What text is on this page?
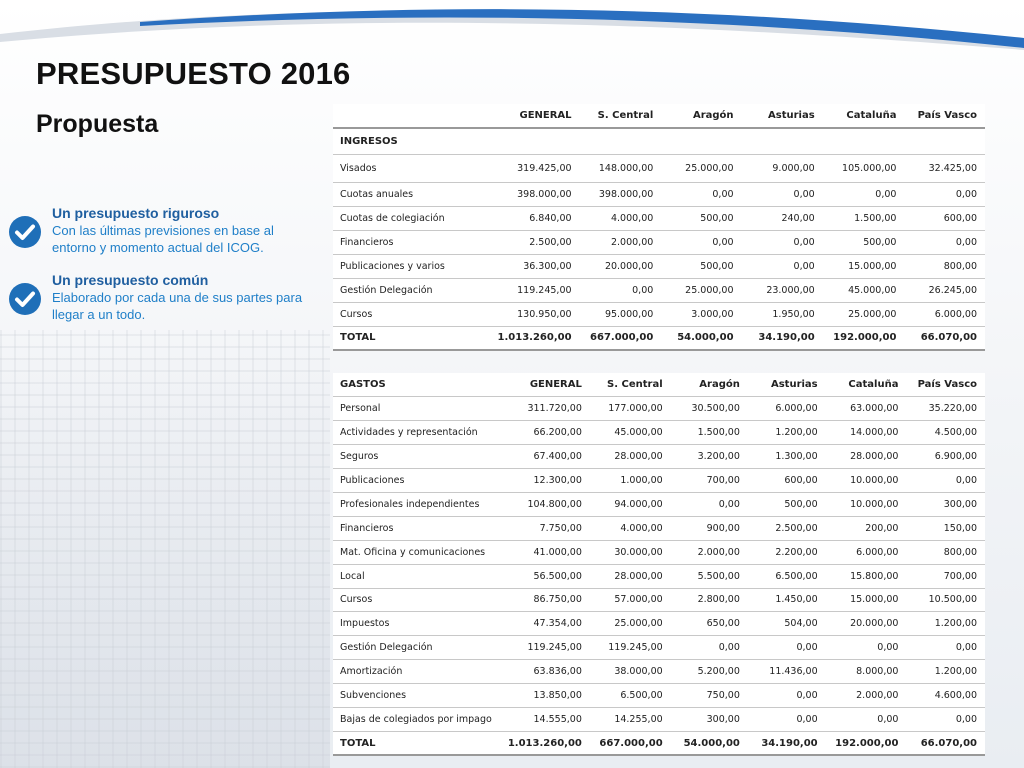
PRESUPUESTO 2016
Propuesta
Un presupuesto riguroso
Con las últimas previsiones en base al entorno y momento actual del ICOG.
Un presupuesto común
Elaborado por cada una de sus partes para llegar a un todo.
	GENERAL	S. Central	Aragón	Asturias	Cataluña	País Vasco
INGRESOS						
Visados	319.425,00	148.000,00	25.000,00	9.000,00	105.000,00	32.425,00
Cuotas anuales	398.000,00	398.000,00	0,00	0,00	0,00	0,00
Cuotas de colegiación	6.840,00	4.000,00	500,00	240,00	1.500,00	600,00
Financieros	2.500,00	2.000,00	0,00	0,00	500,00	0,00
Publicaciones y varios	36.300,00	20.000,00	500,00	0,00	15.000,00	800,00
Gestión Delegación	119.245,00	0,00	25.000,00	23.000,00	45.000,00	26.245,00
Cursos	130.950,00	95.000,00	3.000,00	1.950,00	25.000,00	6.000,00
TOTAL	1.013.260,00	667.000,00	54.000,00	34.190,00	192.000,00	66.070,00
GASTOS	GENERAL	S. Central	Aragón	Asturias	Cataluña	País Vasco
Personal	311.720,00	177.000,00	30.500,00	6.000,00	63.000,00	35.220,00
Actividades y representación	66.200,00	45.000,00	1.500,00	1.200,00	14.000,00	4.500,00
Seguros	67.400,00	28.000,00	3.200,00	1.300,00	28.000,00	6.900,00
Publicaciones	12.300,00	1.000,00	700,00	600,00	10.000,00	0,00
Profesionales independientes	104.800,00	94.000,00	0,00	500,00	10.000,00	300,00
Financieros	7.750,00	4.000,00	900,00	2.500,00	200,00	150,00
Mat. Oficina y comunicaciones	41.000,00	30.000,00	2.000,00	2.200,00	6.000,00	800,00
Local	56.500,00	28.000,00	5.500,00	6.500,00	15.800,00	700,00
Cursos	86.750,00	57.000,00	2.800,00	1.450,00	15.000,00	10.500,00
Impuestos	47.354,00	25.000,00	650,00	504,00	20.000,00	1.200,00
Gestión Delegación	119.245,00	119.245,00	0,00	0,00	0,00	0,00
Amortización	63.836,00	38.000,00	5.200,00	11.436,00	8.000,00	1.200,00
Subvenciones	13.850,00	6.500,00	750,00	0,00	2.000,00	4.600,00
Bajas de colegiados por impago	14.555,00	14.255,00	300,00	0,00	0,00	0,00
TOTAL	1.013.260,00	667.000,00	54.000,00	34.190,00	192.000,00	66.070,00
